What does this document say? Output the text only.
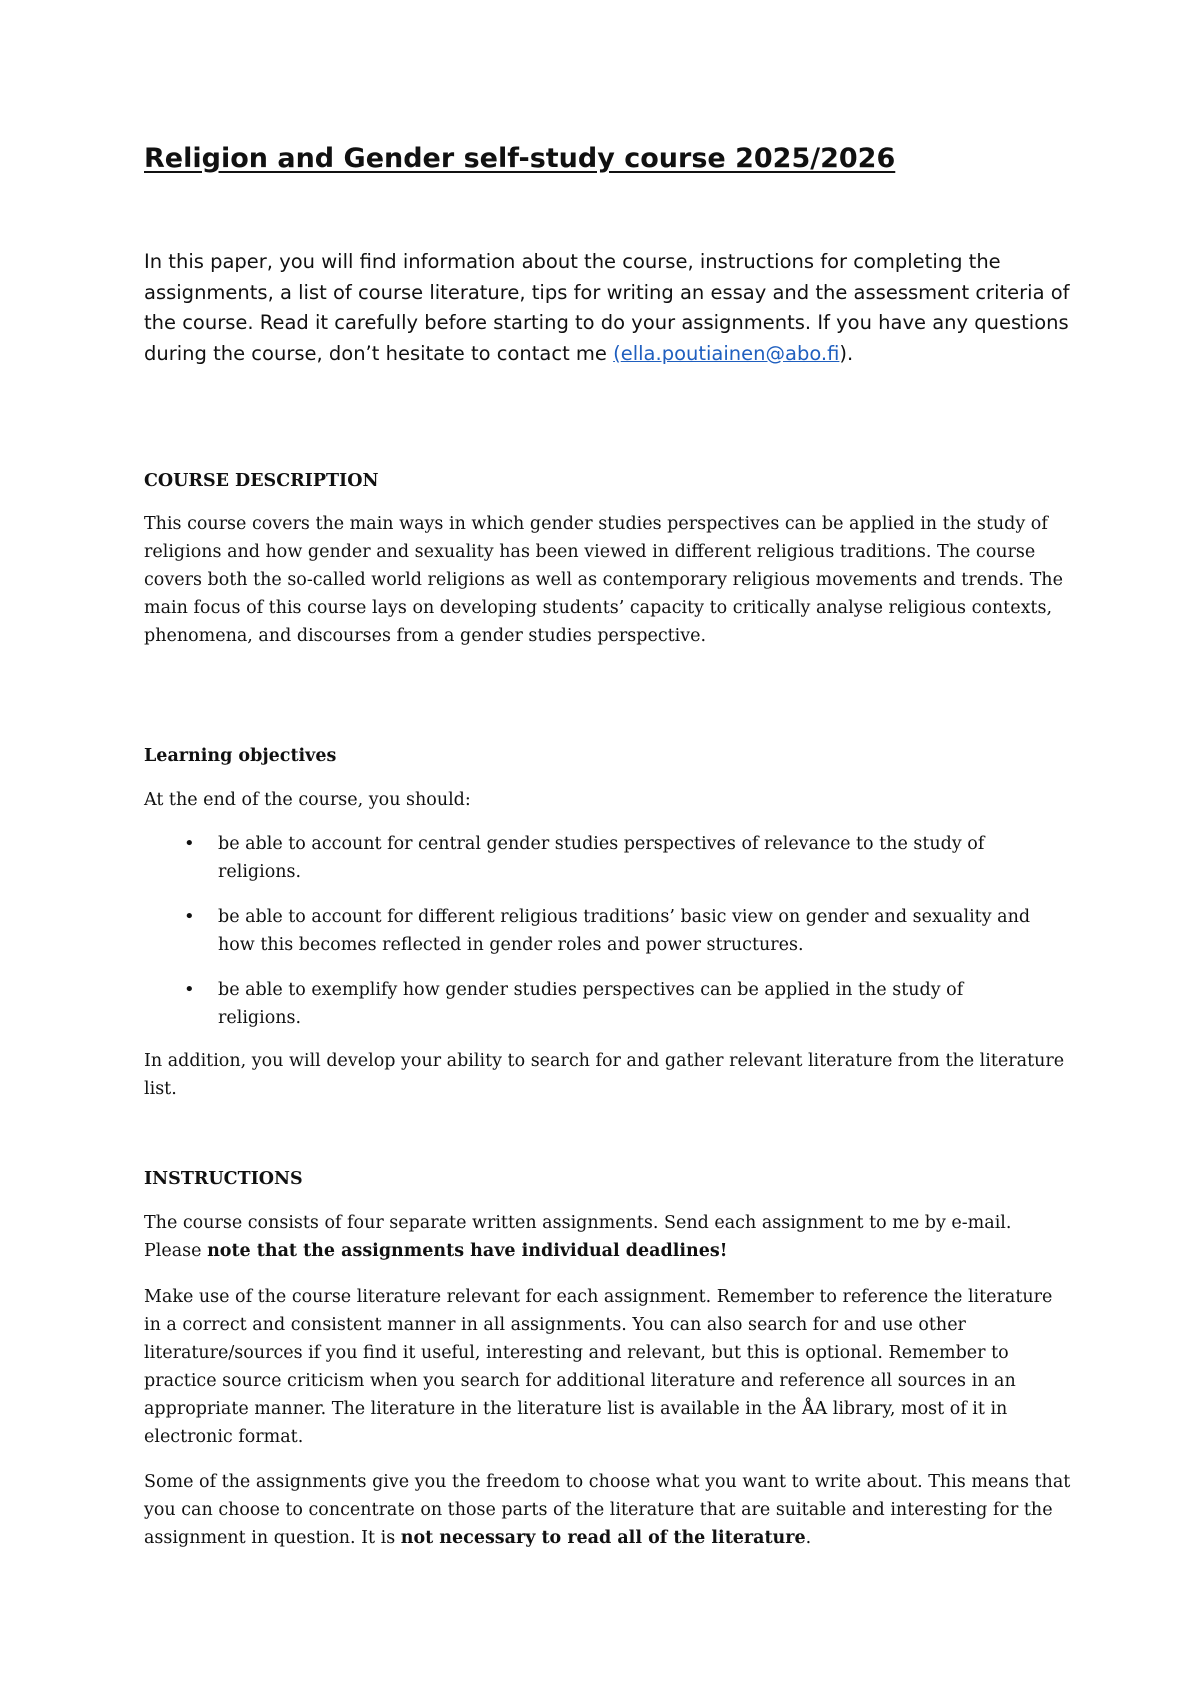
Religion and Gender self-study course 2025/2026

In this paper, you will find information about the course, instructions for completing the assignments, a list of course literature, tips for writing an essay and the assessment criteria of the course. Read it carefully before starting to do your assignments. If you have any questions during the course, don’t hesitate to contact me (ella.poutiainen@abo.fi).

COURSE DESCRIPTION

This course covers the main ways in which gender studies perspectives can be applied in the study of religions and how gender and sexuality has been viewed in different religious traditions. The course covers both the so-called world religions as well as contemporary religious movements and trends. The main focus of this course lays on developing students’ capacity to critically analyse religious contexts, phenomena, and discourses from a gender studies perspective.

Learning objectives

At the end of the course, you should:

• be able to account for central gender studies perspectives of relevance to the study of religions.
• be able to account for different religious traditions’ basic view on gender and sexuality and how this becomes reflected in gender roles and power structures.
• be able to exemplify how gender studies perspectives can be applied in the study of religions.

In addition, you will develop your ability to search for and gather relevant literature from the literature list.

INSTRUCTIONS

The course consists of four separate written assignments. Send each assignment to me by e-mail. Please note that the assignments have individual deadlines!

Make use of the course literature relevant for each assignment. Remember to reference the literature in a correct and consistent manner in all assignments. You can also search for and use other literature/sources if you find it useful, interesting and relevant, but this is optional. Remember to practice source criticism when you search for additional literature and reference all sources in an appropriate manner. The literature in the literature list is available in the ÅA library, most of it in electronic format.

Some of the assignments give you the freedom to choose what you want to write about. This means that you can choose to concentrate on those parts of the literature that are suitable and interesting for the assignment in question. It is not necessary to read all of the literature.
